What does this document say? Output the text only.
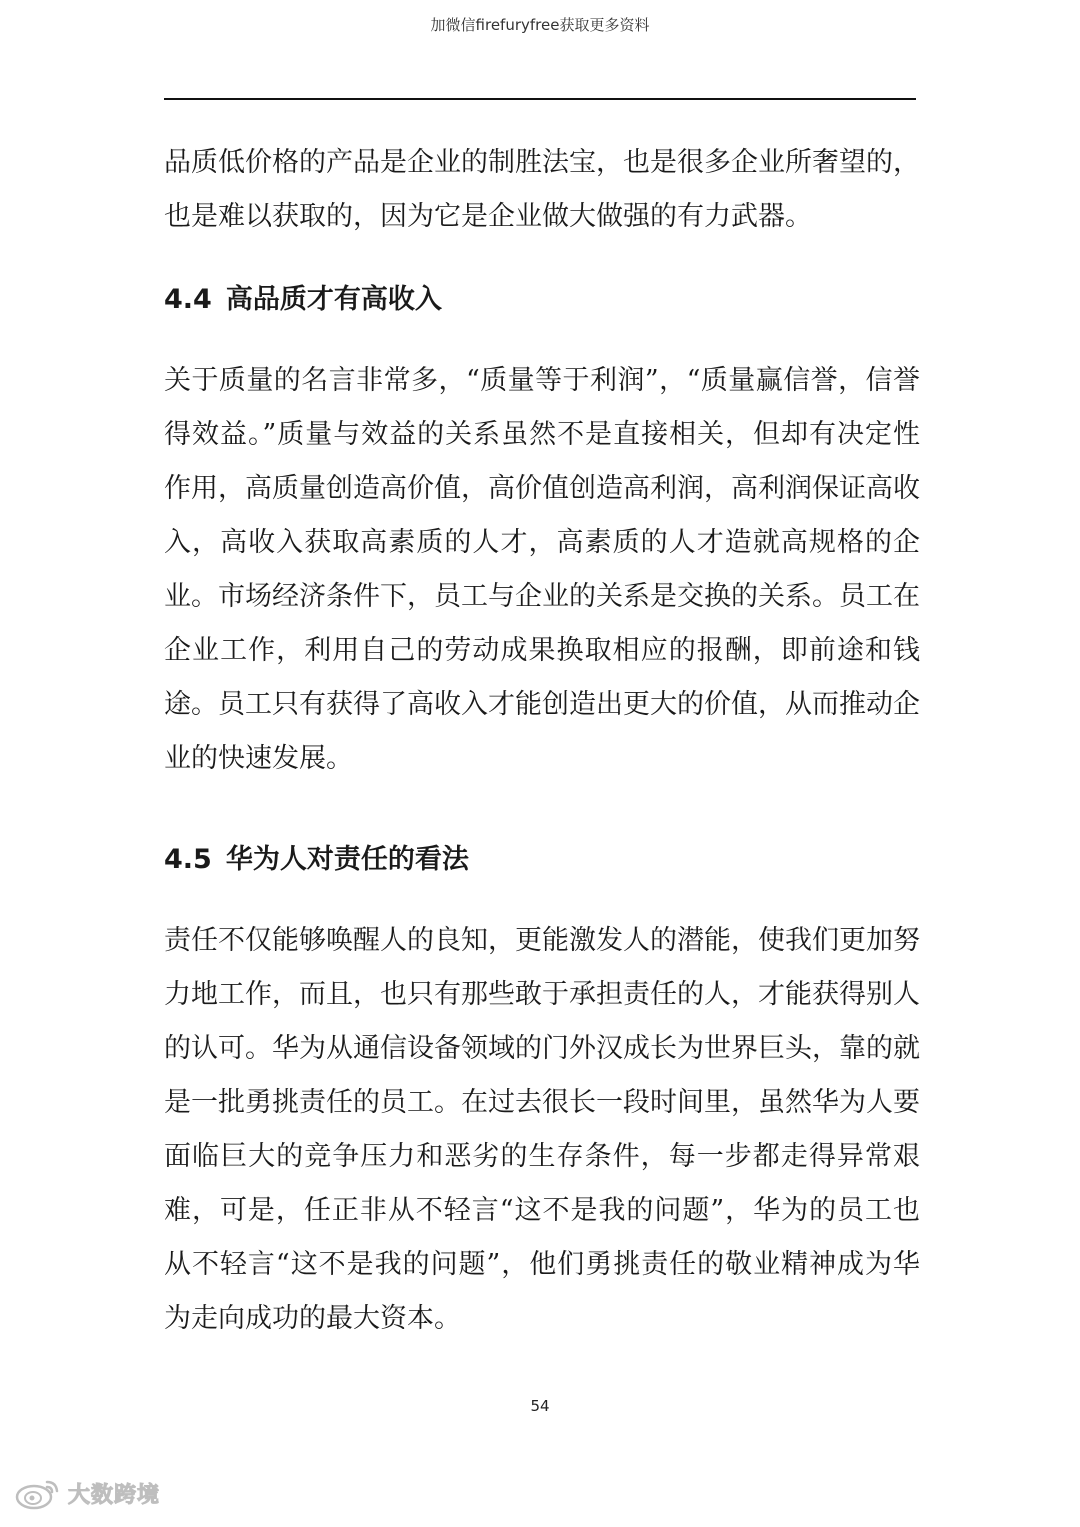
加微信firefuryfree获取更多资料

品质低价格的产品是企业的制胜法宝，也是很多企业所奢望的，也是难以获取的，因为它是企业做大做强的有力武器。

4.4 高品质才有高收入

关于质量的名言非常多，“质量等于利润”，“质量赢信誉，信誉得效益。”质量与效益的关系虽然不是直接相关，但却有决定性作用，高质量创造高价值，高价值创造高利润，高利润保证高收入，高收入获取高素质的人才，高素质的人才造就高规格的企业。市场经济条件下，员工与企业的关系是交换的关系。员工在企业工作，利用自己的劳动成果换取相应的报酬，即前途和钱途。员工只有获得了高收入才能创造出更大的价值，从而推动企业的快速发展。

4.5 华为人对责任的看法

责任不仅能够唤醒人的良知，更能激发人的潜能，使我们更加努力地工作，而且，也只有那些敢于承担责任的人，才能获得别人的认可。华为从通信设备领域的门外汉成长为世界巨头，靠的就是一批勇挑责任的员工。在过去很长一段时间里，虽然华为人要面临巨大的竞争压力和恶劣的生存条件，每一步都走得异常艰难，可是，任正非从不轻言“这不是我的问题”，华为的员工也从不轻言“这不是我的问题”，他们勇挑责任的敬业精神成为华为走向成功的最大资本。

54
大数跨境
